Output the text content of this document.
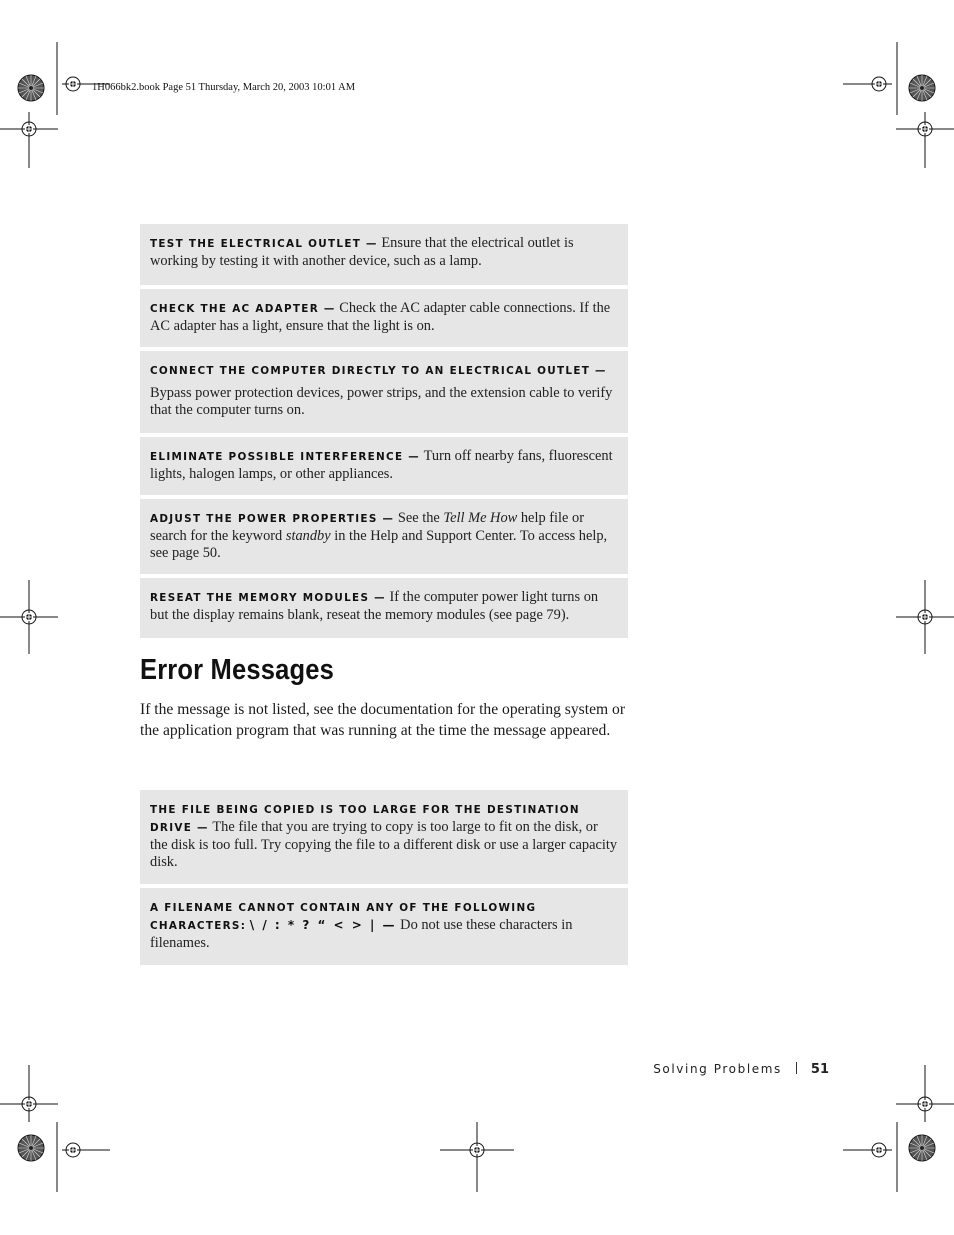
1H066bk2.book Page 51 Thursday, March 20, 2003 10:01 AM
TEST THE ELECTRICAL OUTLET — Ensure that the electrical outlet is working by testing it with another device, such as a lamp.
CHECK THE AC ADAPTER — Check the AC adapter cable connections. If the AC adapter has a light, ensure that the light is on.
CONNECT THE COMPUTER DIRECTLY TO AN ELECTRICAL OUTLET —
Bypass power protection devices, power strips, and the extension cable to verify that the computer turns on.
ELIMINATE POSSIBLE INTERFERENCE — Turn off nearby fans, fluorescent lights, halogen lamps, or other appliances.
ADJUST THE POWER PROPERTIES — See the Tell Me How help file or search for the keyword standby in the Help and Support Center. To access help, see page 50.
RESEAT THE MEMORY MODULES — If the computer power light turns on but the display remains blank, reseat the memory modules (see page 79).
Error Messages

If the message is not listed, see the documentation for the operating system or the application program that was running at the time the message appeared.

THE FILE BEING COPIED IS TOO LARGE FOR THE DESTINATION DRIVE — The file that you are trying to copy is too large to fit on the disk, or the disk is too full. Try copying the file to a different disk or use a larger capacity disk.
A FILENAME CANNOT CONTAIN ANY OF THE FOLLOWING CHARACTERS: \ / : * ? “ < > | — Do not use these characters in filenames.
Solving Problems 51
